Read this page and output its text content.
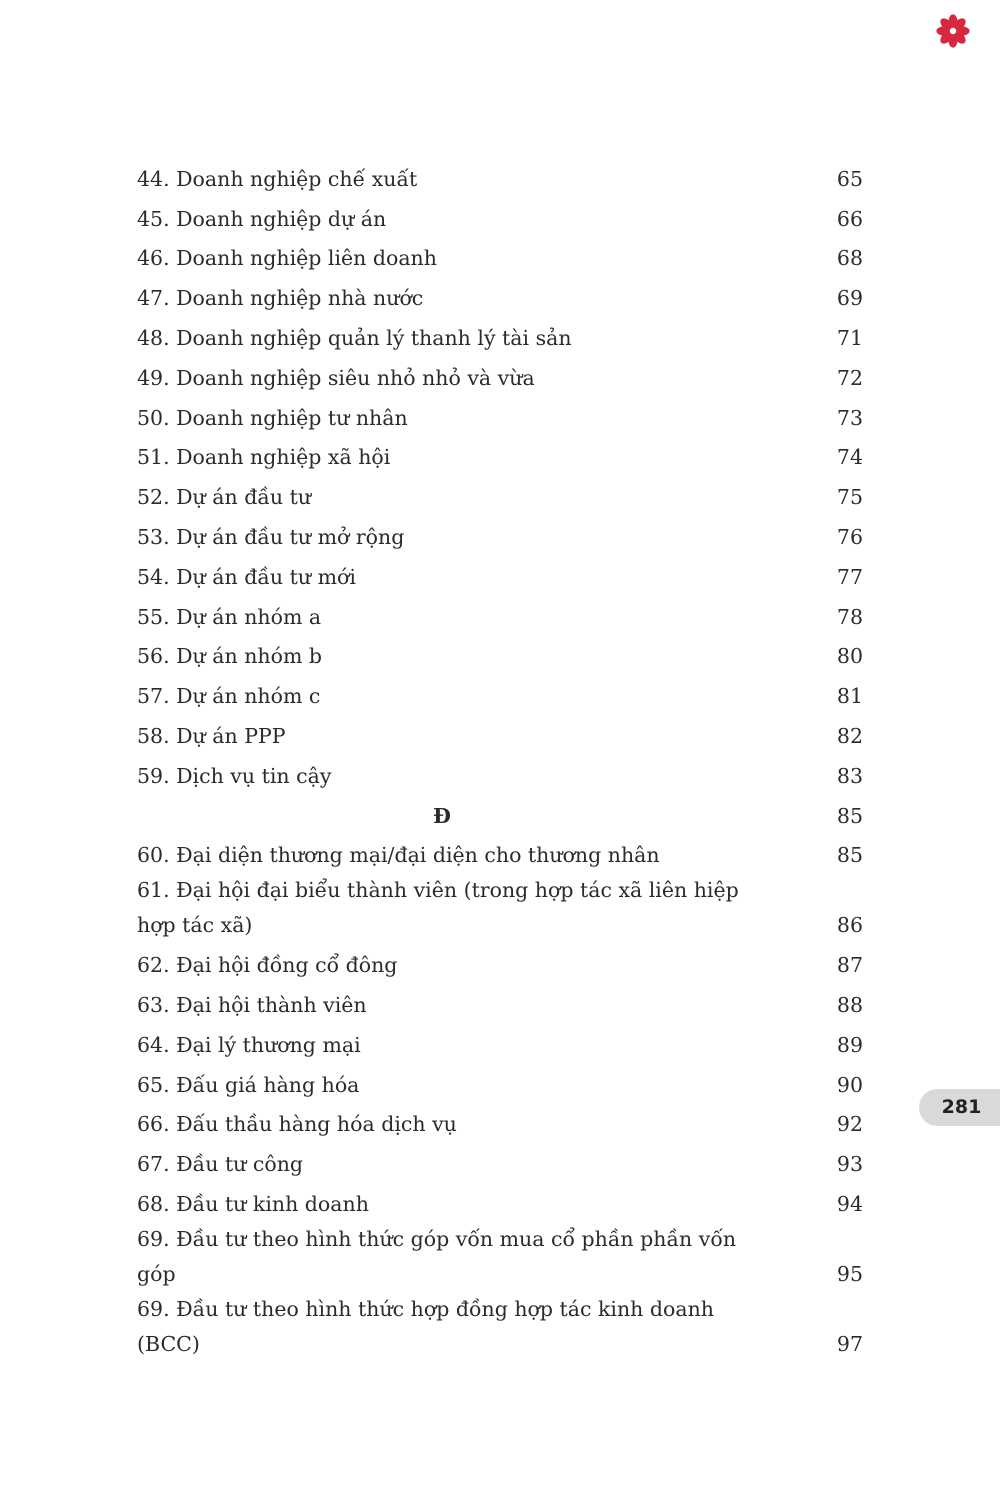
44. Doanh nghiệp chế xuất	65
45. Doanh nghiệp dự án	66
46. Doanh nghiệp liên doanh	68
47. Doanh nghiệp nhà nước	69
48. Doanh nghiệp quản lý thanh lý tài sản	71
49. Doanh nghiệp siêu nhỏ nhỏ và vừa	72
50. Doanh nghiệp tư nhân	73
51. Doanh nghiệp xã hội	74
52. Dự án đầu tư	75
53. Dự án đầu tư mở rộng	76
54. Dự án đầu tư mới	77
55. Dự án nhóm a	78
56. Dự án nhóm b	80
57. Dự án nhóm c	81
58. Dự án PPP	82
59. Dịch vụ tin cậy	83
Đ	85
60. Đại diện thương mại/đại diện cho thương nhân	85
61. Đại hội đại biểu thành viên (trong hợp tác xã liên hiệp hợp tác xã)	86
62. Đại hội đồng cổ đông	87
63. Đại hội thành viên	88
64. Đại lý thương mại	89
65. Đấu giá hàng hóa	90
66. Đấu thầu hàng hóa dịch vụ	92
67. Đầu tư công	93
68. Đầu tư kinh doanh	94
69. Đầu tư theo hình thức góp vốn mua cổ phần phần vốn góp	95
69. Đầu tư theo hình thức hợp đồng hợp tác kinh doanh (BCC)	97
281
